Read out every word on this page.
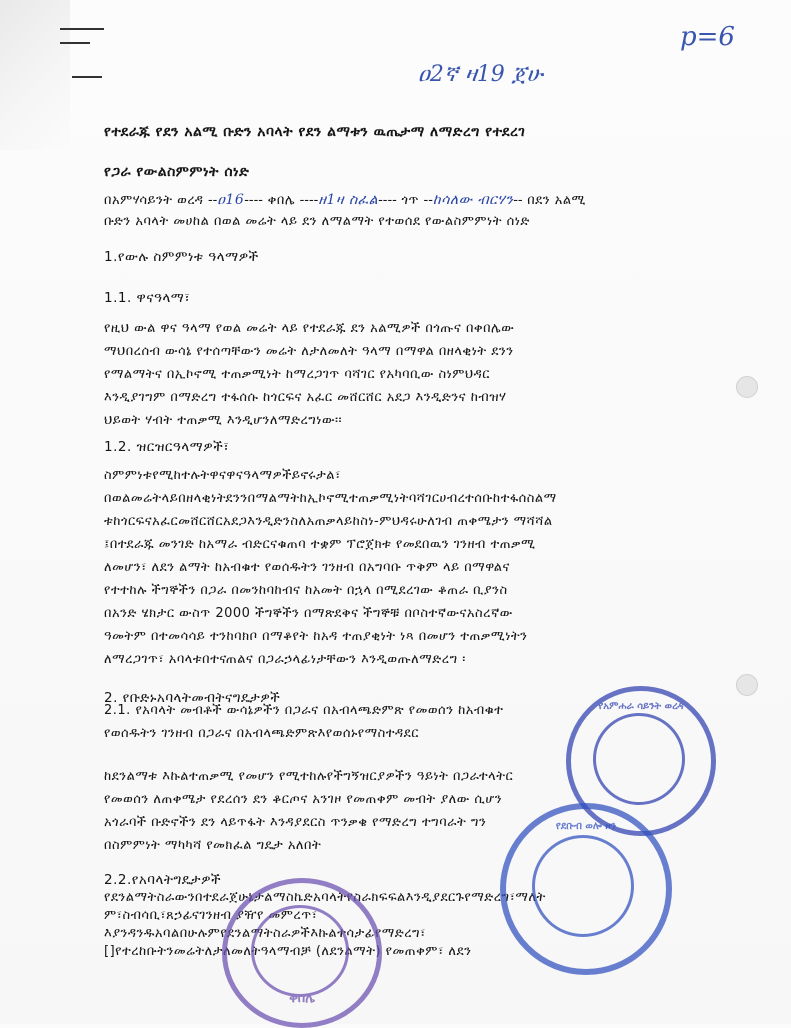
p=6
ዐ2ኛ ዛ19 ጀሁ
የተደራጁ የደን አልሚ ቡድን አባላት የደን ልማቱን ዉጤታማ ለማድረግ የተደረገ
የጋራ የውልስምምነት ሰነድ
በአምሃሳይንት ወረዳ --ዐ16---- ቀበሌ ----ዘ1ዛ ስፈል---- ጎጥ --ከሳለው ብርሃን-- በደን አልሚ
ቡድን አባላት መሀከል በወል መሬት ላይ ደን ለማልማት የተወሰደ የውልስምምነት ሰነድ
1.የውሉ ስምምነቱ ዓላማዎች
1.1. ዋናዓላማ፣
የዚህ ውል ዋና ዓላማ የወል መሬት ላይ የተደራጁ ደን አልሚዎች በጎጡና በቀበሌው
ማህበረሰብ ውሳኔ የተሰጣቸውን መሬት ለታለመለት ዓላማ በማዋል በዘላቂነት ደንን
የማልማትና በኢኮኖሚ ተጠቃሚነት ከማረጋገጥ ባሻገር የአካባቢው ስነምህዳር
እንዲያገግም በማድረግ ተፋሰሱ ከጎርፍና አፈር መሸርሸር አደጋ እንዲድንና ከብዝሃ
ህይወት ሃብት ተጠቃሚ እንዲሆንለማድረግነው፡፡
1.2. ዝርዝርዓላማዎች፣
ስምምነቱየሚከተሉትዋናዋናዓላማዎችይኖሩታል፣
በወልመሬትላይበዘላቂነትደንንበማልማትከኢኮኖሚተጠቃሚነትባሻገርሀብረተሰቡከተፋሰስልማ
ቱከጎርፍናአፈርመሸርሸርአደጋእንዲድንስለአጠቃላይከስነ-ምህዳሩሁለገብ ጠቀሜታን ማሻሻል
፤በተደራጁ መንገድ ከአማራ ብድርናቁጠባ ተቋም ፕሮጀክቱ የመደበዉን ገንዘብ ተጠቃሚ
ለመሆን፣ ለደን ልማት ከአብቁተ የወሰዱትን ገንዘብ በአግባቡ ጥቅም ላይ በማዋልና
የተተከሉ ችግኞችን በጋራ በመንከባከብና ከአመት በኋላ በሚደረገው ቆጠራ ቢያንስ
በአንድ ሄክታር ውስጥ 2000 ችግኞችን በማጽደቅና ችግኞቹ በቦስተኛውናአስረኛው
ዓመትም በተመሳሳይ ተንከባክቦ በማቆየት ከአዳ ተጠያቂነት ነጻ በመሆን ተጠቃሚነትን
ለማረጋገጥ፣ አባላቱበተናጠልና በጋራኃላፊነታቸውን እንዲወጡለማድረግ ፡
2. የቡድኑአባላትመብትናግዴታዎች
2.1. የአባላት መብቶች ውሳኔዎችን በጋራና በአብላጫድምጽ የመወሰን ከአብቁተ
የወሰዱትን ገንዘብ በጋራና በአብላጫድምጽእየወሰኑየማስተዳደር
ከደንልማቱ እኩልተጠቃሚ የመሆን የሚተከሉየችግኝዝርያዎችን ዓይነት በጋራተላትር
የመወሰን ለጠቀሜታ የደረሰን ደን ቆርጦና አንገዞ የመጠቀም መብት ያለው ሲሆን
አጎራባች ቡድኖችን ደን ላይጥፋት እንዳያደርስ ጥንቃቄ የማድረግ ተግባራት ግን
በስምምነት ማካካሻ የመክፈል ግዴታ አለበት
2.2.የአባላትግዴታዎች
የደንልማትስራውንበተደራጀሁኔታልማስኬድአባላትየስራክፍፍልእንዲያደርጉየማድረግ፣ማለት
ም፣ስብሳቢ፣ጸኃፊናገንዘብ ያዥየ መምረጥ፣
እያንዳንዱአባልበሁሉምየደንልማትስራዎችእኩልተሳታፊየማድረግ፣
[]የተረከቡትንመሬትለታለመለትዓላማብቻ (ለደንልማት) የመጠቀም፣ ለደን
የአምሐራ ሳይንት ወረዳ
የደቡብ ወሎ ዞን
ቀበሌ
